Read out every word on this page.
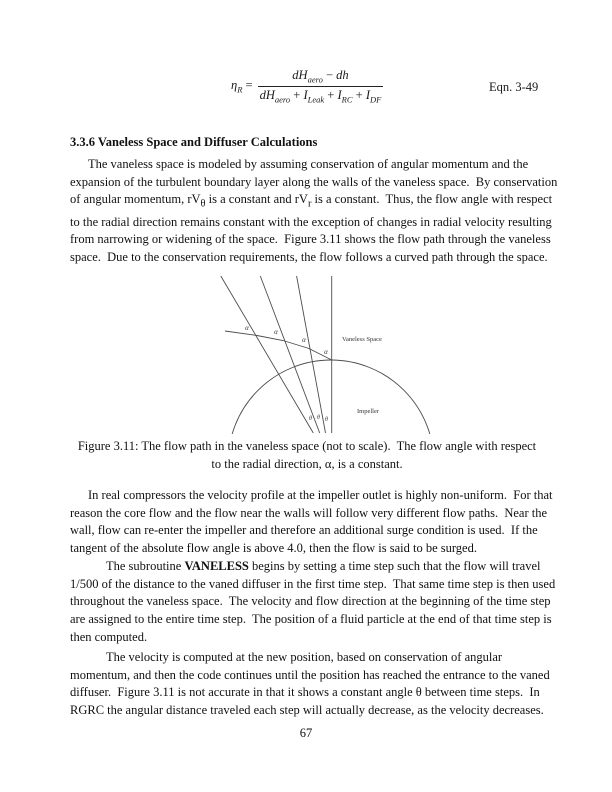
$\eta_R = \frac{dH_{aero} - dh}{dH_{aero} + I_{Leak} + I_{RC} + I_{DF}}$	Eqn. 3-49
3.3.6 Vaneless Space and Diffuser Calculations
The vaneless space is modeled by assuming conservation of angular momentum and the
expansion of the turbulent boundary layer along the walls of the vaneless space.  By conservation
of angular momentum, $rV_\theta$ is a constant and $rV_r$ is a constant.  Thus, the flow angle with respect
to the radial direction remains constant with the exception of changes in radial velocity resulting
from narrowing or widening of the space.  Figure 3.11 shows the flow path through the vaneless
space.  Due to the conservation requirements, the flow follows a curved path through the space.
α	α
α
α
θ θ θ
Vaneless Space
Impeller
Figure 3.11: The flow path in the vaneless space (not to scale).  The flow angle with respect
to the radial direction, α, is a constant.
In real compressors the velocity profile at the impeller outlet is highly non-uniform.  For that
reason the core flow and the flow near the walls will follow very different flow paths.  Near the
wall, flow can re-enter the impeller and therefore an additional surge condition is used.  If the
tangent of the absolute flow angle is above 4.0, then the flow is said to be surged.
The subroutine VANELESS begins by setting a time step such that the flow will travel
1/500 of the distance to the vaned diffuser in the first time step.  That same time step is then used
throughout the vaneless space.  The velocity and flow direction at the beginning of the time step
are assigned to the entire time step.  The position of a fluid particle at the end of that time step is
then computed.
The velocity is computed at the new position, based on conservation of angular
momentum, and then the code continues until the position has reached the entrance to the vaned
diffuser.  Figure 3.11 is not accurate in that it shows a constant angle θ between time steps.  In
RGRC the angular distance traveled each step will actually decrease, as the velocity decreases.
67
